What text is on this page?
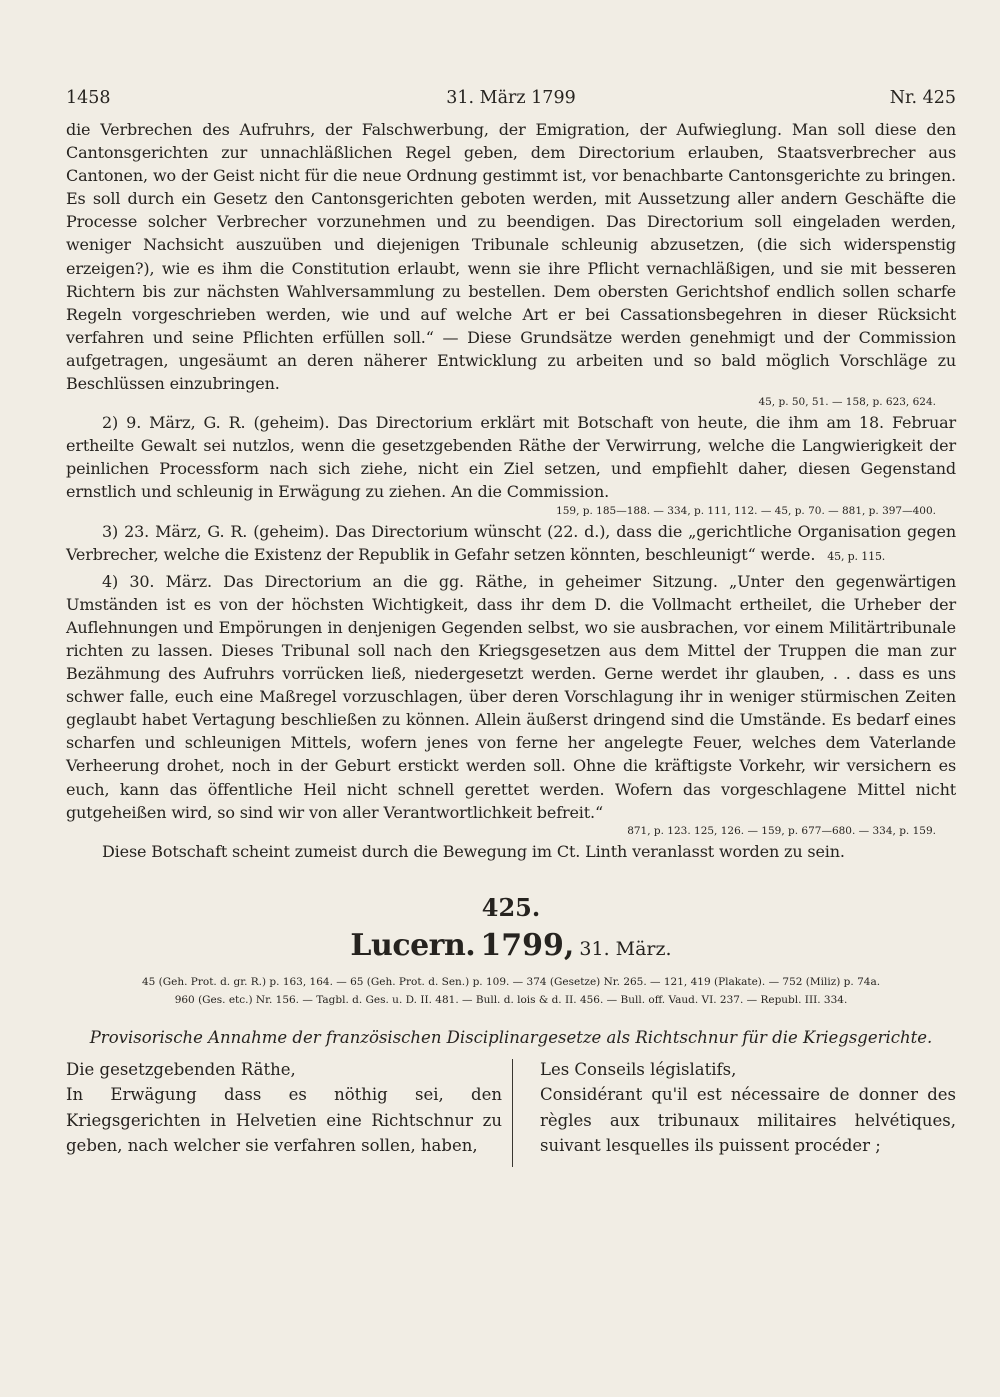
1458	31. März 1799	Nr. 425

die Verbrechen des Aufruhrs, der Falschwerbung, der Emigration, der Aufwieglung. Man soll diese den Cantonsgerichten zur unnachläßlichen Regel geben, dem Directorium erlauben, Staatsverbrecher aus Cantonen, wo der Geist nicht für die neue Ordnung gestimmt ist, vor benachbarte Cantonsgerichte zu bringen. Es soll durch ein Gesetz den Cantonsgerichten geboten werden, mit Aussetzung aller andern Geschäfte die Processe solcher Verbrecher vorzunehmen und zu beendigen. Das Directorium soll eingeladen werden, weniger Nachsicht auszuüben und diejenigen Tribunale schleunig abzusetzen, (die sich widerspenstig erzeigen?), wie es ihm die Constitution erlaubt, wenn sie ihre Pflicht vernachläßigen, und sie mit besseren Richtern bis zur nächsten Wahlversammlung zu bestellen. Dem obersten Gerichtshof endlich sollen scharfe Regeln vorgeschrieben werden, wie und auf welche Art er bei Cassationsbegehren in dieser Rücksicht verfahren und seine Pflichten erfüllen soll.“ — Diese Grundsätze werden genehmigt und der Commission aufgetragen, ungesäumt an deren näherer Entwicklung zu arbeiten und so bald möglich Vorschläge zu Beschlüssen einzubringen.

45, p. 50, 51. — 158, p. 623, 624.

2) 9. März, G. R. (geheim). Das Directorium erklärt mit Botschaft von heute, die ihm am 18. Februar ertheilte Gewalt sei nutzlos, wenn die gesetzgebenden Räthe der Verwirrung, welche die Langwierigkeit der peinlichen Processform nach sich ziehe, nicht ein Ziel setzen, und empfiehlt daher, diesen Gegenstand ernstlich und schleunig in Erwägung zu ziehen. An die Commission.

159, p. 185—188. — 334, p. 111, 112. — 45, p. 70. — 881, p. 397—400.

3) 23. März, G. R. (geheim). Das Directorium wünscht (22. d.), dass die „gerichtliche Organisation gegen Verbrecher, welche die Existenz der Republik in Gefahr setzen könnten, beschleunigt“ werde. 45, p. 115.

4) 30. März. Das Directorium an die gg. Räthe, in geheimer Sitzung. „Unter den gegenwärtigen Umständen ist es von der höchsten Wichtigkeit, dass ihr dem D. die Vollmacht ertheilet, die Urheber der Auflehnungen und Empörungen in denjenigen Gegenden selbst, wo sie ausbrachen, vor einem Militärtribunale richten zu lassen. Dieses Tribunal soll nach den Kriegsgesetzen aus dem Mittel der Truppen die man zur Bezähmung des Aufruhrs vorrücken ließ, niedergesetzt werden. Gerne werdet ihr glauben, . . dass es uns schwer falle, euch eine Maßregel vorzuschlagen, über deren Vorschlagung ihr in weniger stürmischen Zeiten geglaubt habet Vertagung beschließen zu können. Allein äußerst dringend sind die Umstände. Es bedarf eines scharfen und schleunigen Mittels, wofern jenes von ferne her angelegte Feuer, welches dem Vaterlande Verheerung drohet, noch in der Geburt erstickt werden soll. Ohne die kräftigste Vorkehr, wir versichern es euch, kann das öffentliche Heil nicht schnell gerettet werden. Wofern das vorgeschlagene Mittel nicht gutgeheißen wird, so sind wir von aller Verantwortlichkeit befreit.“

871, p. 123. 125, 126. — 159, p. 677—680. — 334, p. 159.

Diese Botschaft scheint zumeist durch die Bewegung im Ct. Linth veranlasst worden zu sein.

425.
Lucern. 1799, 31. März.
45 (Geh. Prot. d. gr. R.) p. 163, 164. — 65 (Geh. Prot. d. Sen.) p. 109. — 374 (Gesetze) Nr. 265. — 121, 419 (Plakate). — 752 (Miliz) p. 74a.
960 (Ges. etc.) Nr. 156. — Tagbl. d. Ges. u. D. II. 481. — Bull. d. lois & d. II. 456. — Bull. off. Vaud. VI. 237. — Republ. III. 334.
Provisorische Annahme der französischen Disciplinargesetze als Richtschnur für die Kriegsgerichte.

Die gesetzgebenden Räthe,

In Erwägung dass es nöthig sei, den Kriegsgerichten in Helvetien eine Richtschnur zu geben, nach welcher sie verfahren sollen, haben,

Les Conseils législatifs,

Considérant qu'il est nécessaire de donner des règles aux tribunaux militaires helvétiques, suivant lesquelles ils puissent procéder ;
